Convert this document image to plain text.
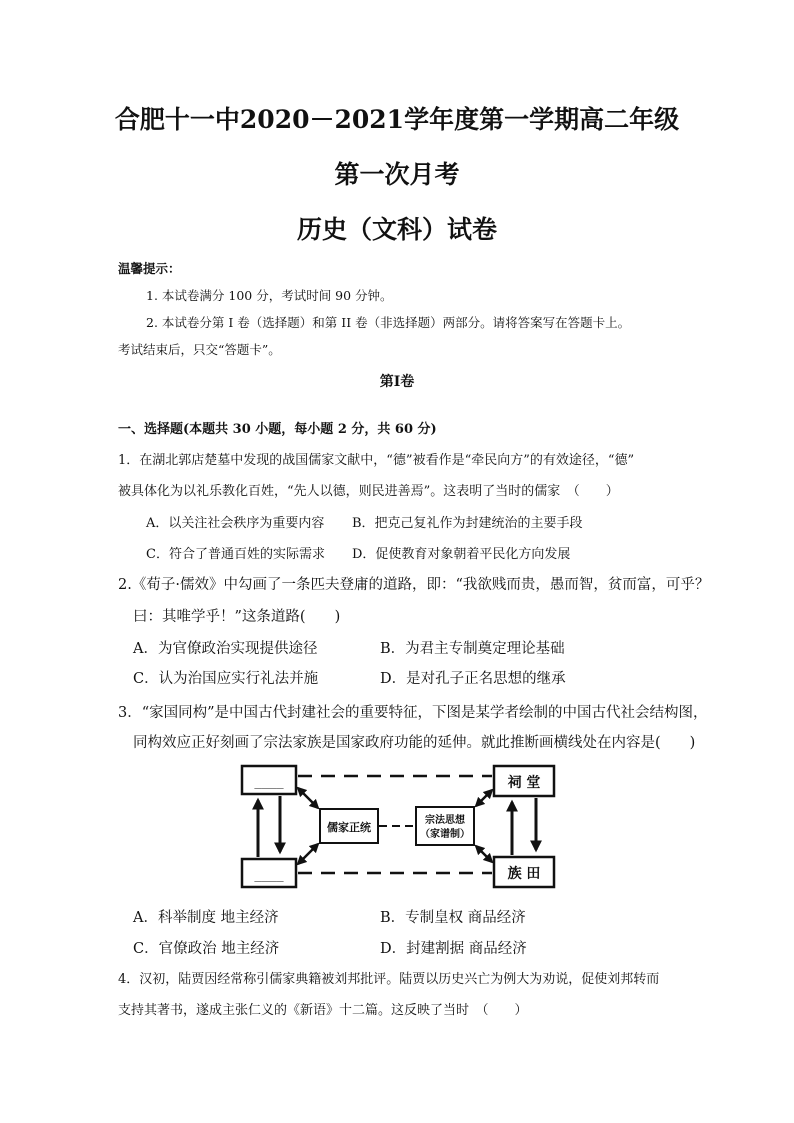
合肥十一中2020－2021学年度第一学期高二年级
第一次月考
历史（文科）试卷
温馨提示：
1. 本试卷满分 100 分，考试时间 90 分钟。
2. 本试卷分第 I 卷（选择题）和第 II 卷（非选择题）两部分。请将答案写在答题卡上。
考试结束后，只交“答题卡”。
第I卷
一、选择题(本题共 30 小题，每小题 2 分，共 60 分)
1．在湖北郭店楚墓中发现的战国儒家文献中，“德”被看作是“牵民向方”的有效途径，“德”
被具体化为以礼乐教化百姓，“先人以德，则民进善焉”。这表明了当时的儒家　（　　）
A．以关注社会秩序为重要内容 B．把克己复礼作为封建统治的主要手段
C．符合了普通百姓的实际需求 D．促使教育对象朝着平民化方向发展
2.《荀子·儒效》中勾画了一条匹夫登庸的道路，即：“我欲贱而贵，愚而智，贫而富，可乎？
曰：其唯学乎！”这条道路(　　)
A．为官僚政治实现提供途径	B．为君主专制奠定理论基础
C．认为治国应实行礼法并施	D．是对孔子正名思想的继承
3．“家国同构”是中国古代封建社会的重要特征，下图是某学者绘制的中国古代社会结构图，
同构效应正好刻画了宗法家族是国家政府功能的延伸。就此推断画横线处在内容是(　　)
____
____
儒家正统
宗法思想
（家谱制）
祠 堂
族 田
A．科举制度 地主经济	B．专制皇权 商品经济
C．官僚政治 地主经济	D．封建割据 商品经济
4．汉初，陆贾因经常称引儒家典籍被刘邦批评。陆贾以历史兴亡为例大为劝说，促使刘邦转而
支持其著书，遂成主张仁义的《新语》十二篇。这反映了当时　（　　）
